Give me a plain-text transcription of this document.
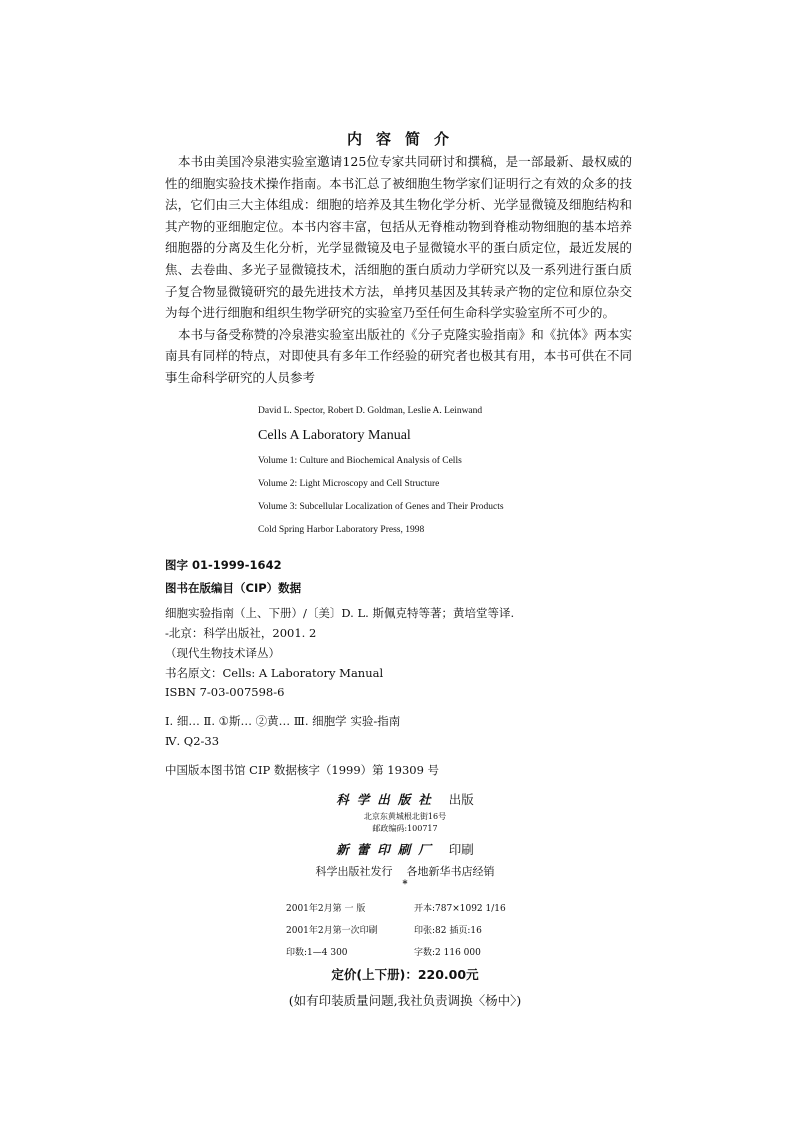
内容简介
本书由美国冷泉港实验室邀请125位专家共同研讨和撰稿，是一部最新、最权威的
性的细胞实验技术操作指南。本书汇总了被细胞生物学家们证明行之有效的众多的技
法，它们由三大主体组成：细胞的培养及其生物化学分析、光学显微镜及细胞结构和
其产物的亚细胞定位。本书内容丰富，包括从无脊椎动物到脊椎动物细胞的基本培养
细胞器的分离及生化分析，光学显微镜及电子显微镜水平的蛋白质定位，最近发展的
焦、去卷曲、多光子显微镜技术，活细胞的蛋白质动力学研究以及一系列进行蛋白质
子复合物显微镜研究的最先进技术方法，单拷贝基因及其转录产物的定位和原位杂交
为每个进行细胞和组织生物学研究的实验室乃至任何生命科学实验室所不可少的。
本书与备受称赞的冷泉港实验室出版社的《分子克隆实验指南》和《抗体》两本实
南具有同样的特点，对即使具有多年工作经验的研究者也极其有用，本书可供在不同
事生命科学研究的人员参考
David L. Spector, Robert D. Goldman, Leslie A. Leinwand
Cells A Laboratory Manual
Volume 1: Culture and Biochemical Analysis of Cells
Volume 2: Light Microscopy and Cell Structure
Volume 3: Subcellular Localization of Genes and Their Products
Cold Spring Harbor Laboratory Press, 1998
图字 01-1999-1642
图书在版编目（CIP）数据
细胞实验指南（上、下册）/〔美〕D. L. 斯佩克特等著；黄培堂等译.
-北京：科学出版社，2001. 2
（现代生物技术译丛）
书名原文：Cells: A Laboratory Manual
ISBN 7-03-007598-6
Ⅰ. 细… Ⅱ. ①斯… ②黄… Ⅲ. 细胞学 实验-指南
Ⅳ. Q2-33
中国版本图书馆 CIP 数据核字（1999）第 19309 号
科学出版社 出版
北京东黄城根北街16号
邮政编码:100717
新蕾印刷厂 印刷
科学出版社发行    各地新华书店经销
*
2001年2月第 一 版
2001年2月第一次印刷
印数:1—4 300
开本:787×1092 1/16
印张:82 插页:16
字数:2 116 000
定价(上下册)：220.00元
(如有印装质量问题,我社负责调换〈杨中〉)
